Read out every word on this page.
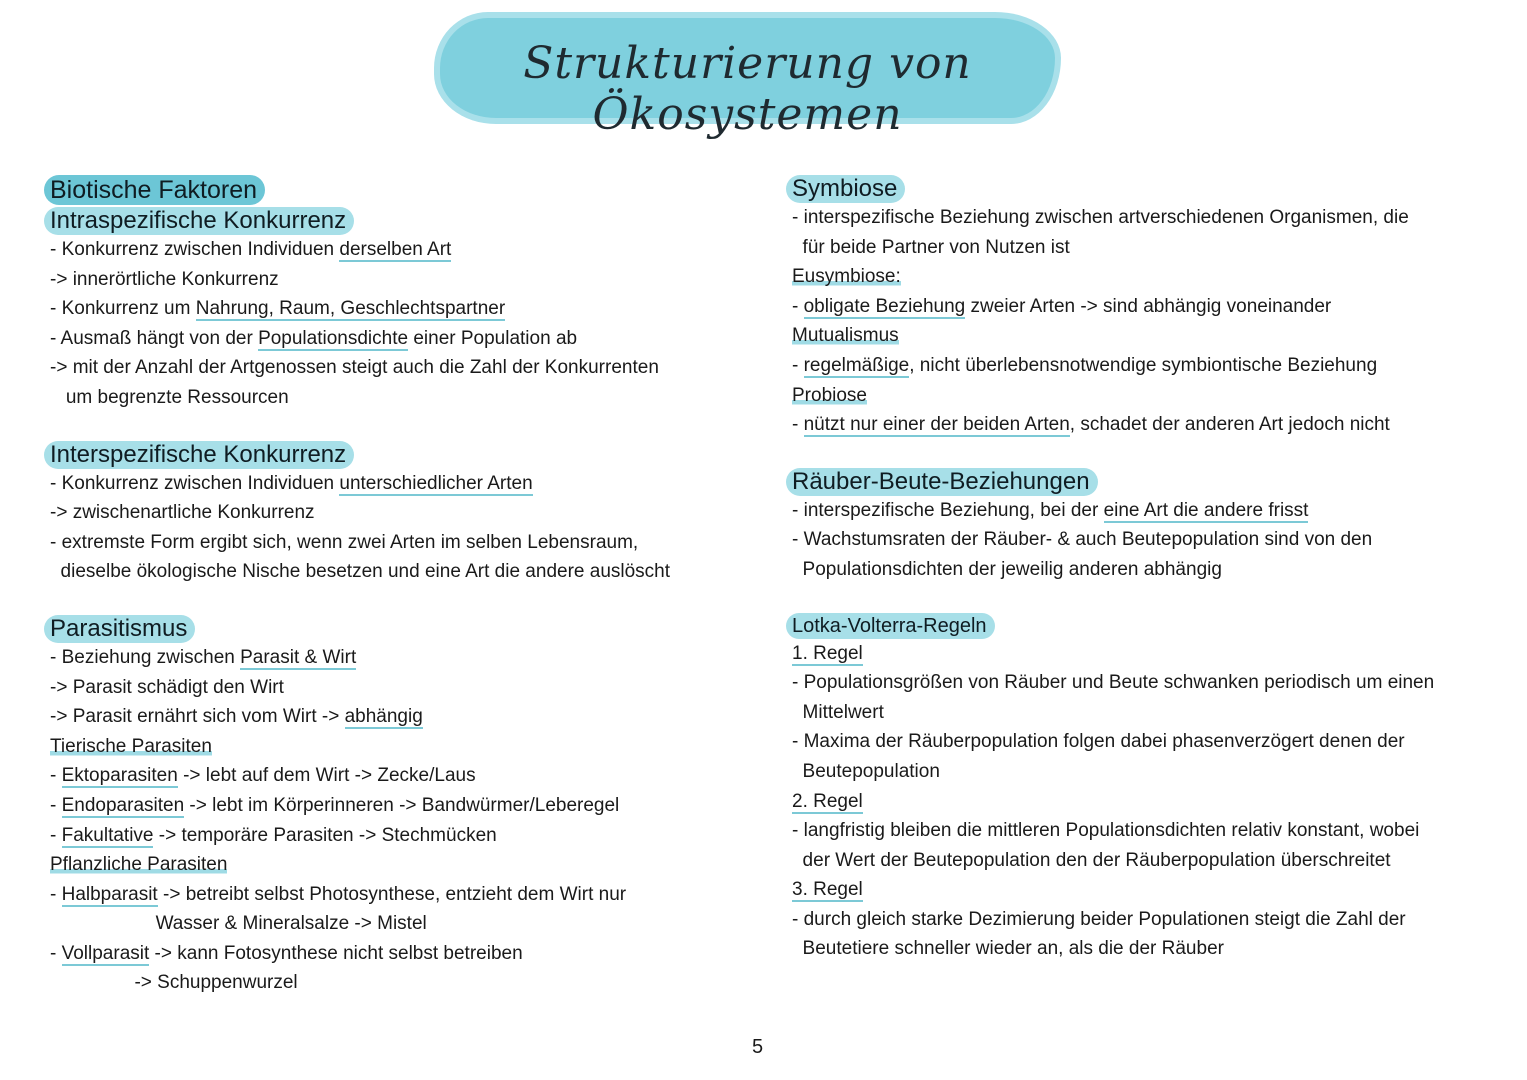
Strukturierung von Ökosystemen
Biotische Faktoren
Intraspezifische Konkurrenz
- Konkurrenz zwischen Individuen derselben Art
-> innerörtliche Konkurrenz
- Konkurrenz um Nahrung, Raum, Geschlechtspartner
- Ausmaß hängt von der Populationsdichte einer Population ab
-> mit der Anzahl der Artgenossen steigt auch die Zahl der Konkurrenten
um begrenzte Ressourcen
Interspezifische Konkurrenz
- Konkurrenz zwischen Individuen unterschiedlicher Arten
-> zwischenartliche Konkurrenz
- extremste Form ergibt sich, wenn zwei Arten im selben Lebensraum,
dieselbe ökologische Nische besetzen und eine Art die andere auslöscht
Parasitismus
- Beziehung zwischen Parasit & Wirt
-> Parasit schädigt den Wirt
-> Parasit ernährt sich vom Wirt -> abhängig
Tierische Parasiten
- Ektoparasiten -> lebt auf dem Wirt -> Zecke/Laus
- Endoparasiten -> lebt im Körperinneren -> Bandwürmer/Leberegel
- Fakultative -> temporäre Parasiten -> Stechmücken
Pflanzliche Parasiten
- Halbparasit -> betreibt selbst Photosynthese, entzieht dem Wirt nur
Wasser & Mineralsalze -> Mistel
- Vollparasit -> kann Fotosynthese nicht selbst betreiben
-> Schuppenwurzel
Symbiose
- interspezifische Beziehung zwischen artverschiedenen Organismen, die
für beide Partner von Nutzen ist
Eusymbiose:
- obligate Beziehung zweier Arten -> sind abhängig voneinander
Mutualismus
- regelmäßige, nicht überlebensnotwendige symbiontische Beziehung
Probiose
- nützt nur einer der beiden Arten, schadet der anderen Art jedoch nicht
Räuber-Beute-Beziehungen
- interspezifische Beziehung, bei der eine Art die andere frisst
- Wachstumsraten der Räuber- & auch Beutepopulation sind von den
Populationsdichten der jeweilig anderen abhängig
Lotka-Volterra-Regeln
1. Regel
- Populationsgrößen von Räuber und Beute schwanken periodisch um einen
Mittelwert
- Maxima der Räuberpopulation folgen dabei phasenverzögert denen der
Beutepopulation
2. Regel
- langfristig bleiben die mittleren Populationsdichten relativ konstant, wobei
der Wert der Beutepopulation den der Räuberpopulation überschreitet
3. Regel
- durch gleich starke Dezimierung beider Populationen steigt die Zahl der
Beutetiere schneller wieder an, als die der Räuber
5
